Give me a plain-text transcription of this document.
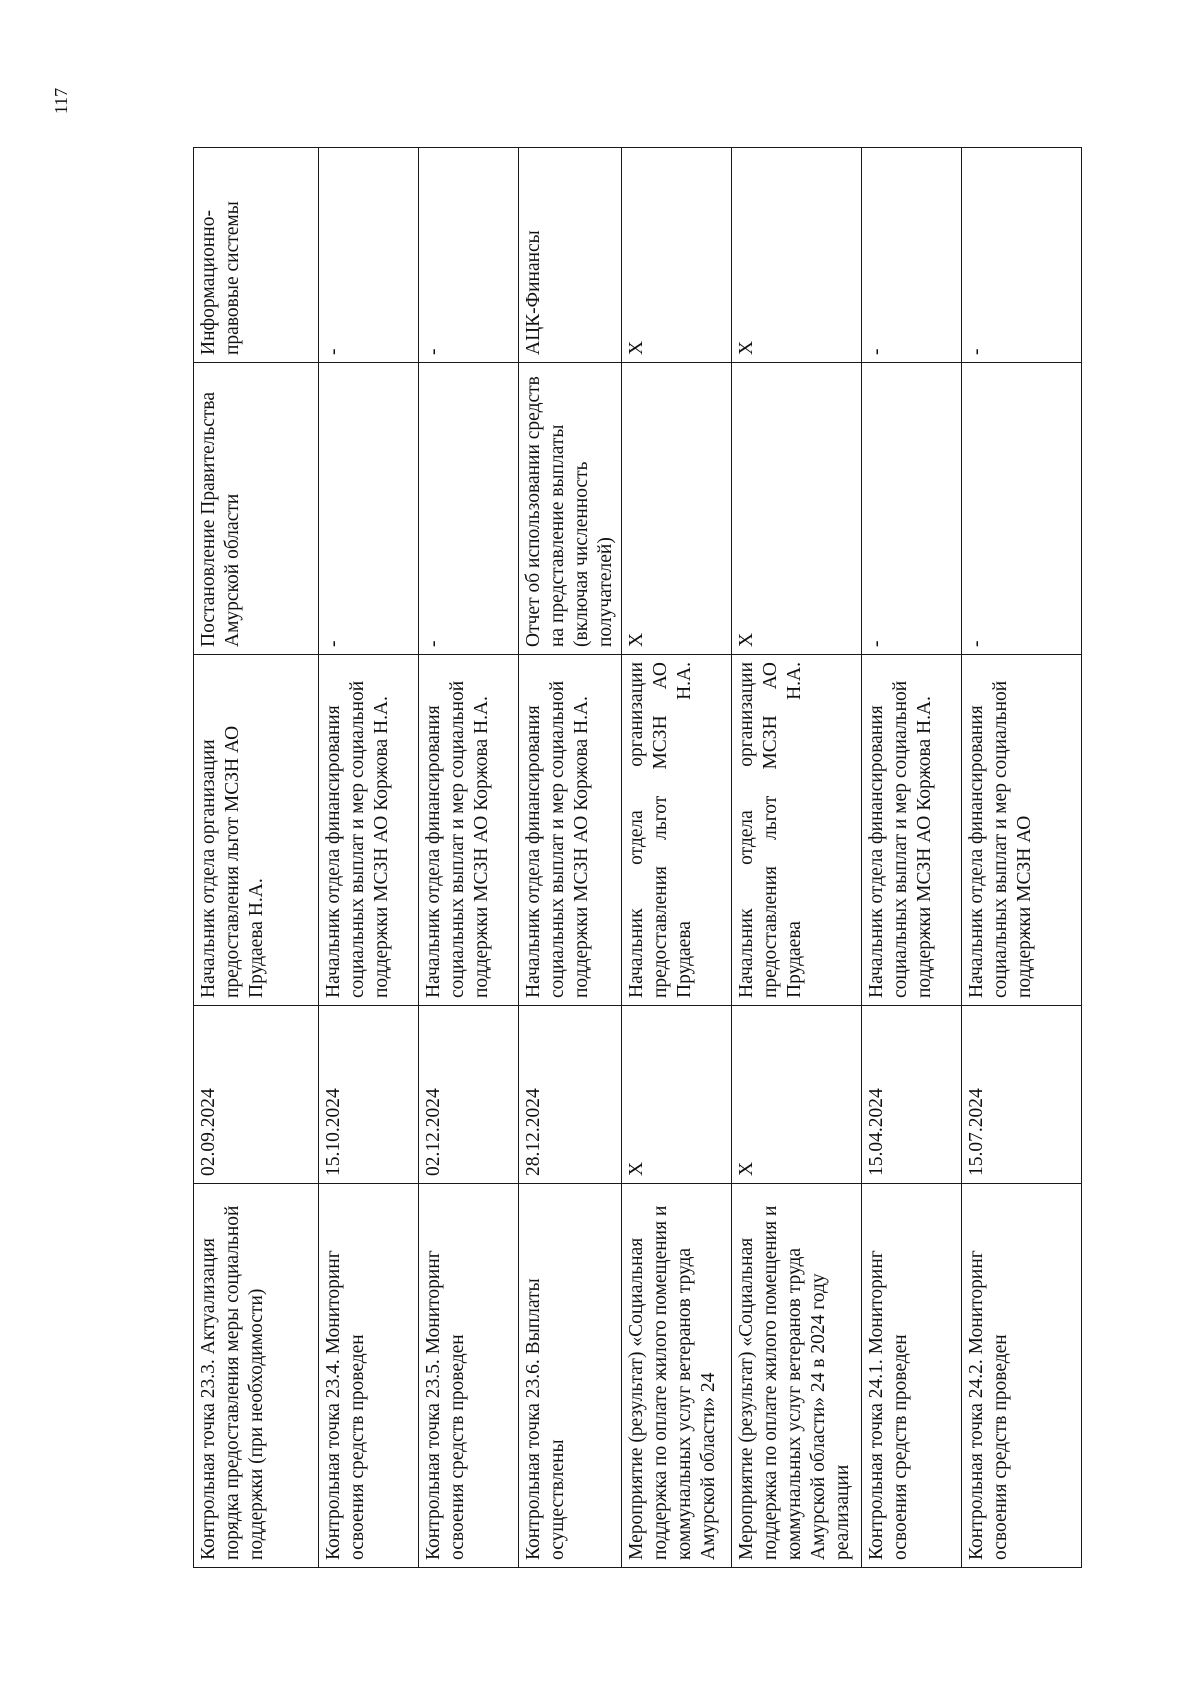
117
Контрольная точка 23.3. Актуализация порядка предоставления меры социальной поддержки (при необходимости)	02.09.2024	Начальник отдела организации предоставления льгот МСЗН АО Прудаева Н.А.	Постановление Правительства Амурской области	Информационно-правовые системы
Контрольная точка 23.4. Мониторинг освоения средств проведен	15.10.2024	Начальник отдела финансирования социальных выплат и мер социальной поддержки МСЗН АО Коржова Н.А.	-	-
Контрольная точка 23.5. Мониторинг освоения средств проведен	02.12.2024	Начальник отдела финансирования социальных выплат и мер социальной поддержки МСЗН АО Коржова Н.А.	-	-
Контрольная точка 23.6. Выплаты осуществлены	28.12.2024	Начальник отдела финансирования социальных выплат и мер социальной поддержки МСЗН АО Коржова Н.А.	Отчет об использовании средств на представление выплаты (включая численность получателей)	АЦК-Финансы
Мероприятие (результат) «Социальная поддержка по оплате жилого помещения и коммунальных услуг ветеранов труда Амурской области» 24	X	Начальник отдела организации предоставления льгот МСЗН АО Прудаева Н.А.	X	X
Мероприятие (результат) «Социальная поддержка по оплате жилого помещения и коммунальных услуг ветеранов труда Амурской области» 24 в 2024 году реализации	X	Начальник отдела организации предоставления льгот МСЗН АО Прудаева Н.А.	X	X
Контрольная точка 24.1. Мониторинг освоения средств проведен	15.04.2024	Начальник отдела финансирования социальных выплат и мер социальной поддержки МСЗН АО Коржова Н.А.	-	-
Контрольная точка 24.2. Мониторинг освоения средств проведен	15.07.2024	Начальник отдела финансирования социальных выплат и мер социальной поддержки МСЗН АО	-	-
